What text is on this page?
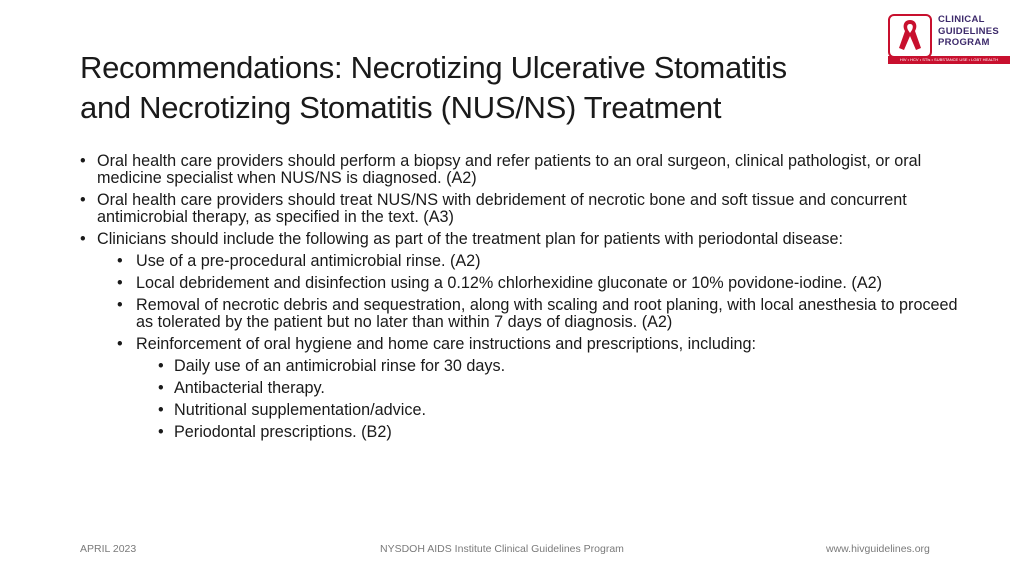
Recommendations: Necrotizing Ulcerative Stomatitis
and Necrotizing Stomatitis (NUS/NS) Treatment
CLINICAL
GUIDELINES
PROGRAM
HIV • HCV • STIs • SUBSTANCE USE • LGBT HEALTH
• Oral health care providers should perform a biopsy and refer patients to an oral surgeon, clinical pathologist, or oral medicine specialist when NUS/NS is diagnosed. (A2)
• Oral health care providers should treat NUS/NS with debridement of necrotic bone and soft tissue and concurrent antimicrobial therapy, as specified in the text. (A3)
• Clinicians should include the following as part of the treatment plan for patients with periodontal disease:
• Use of a pre-procedural antimicrobial rinse. (A2)
• Local debridement and disinfection using a 0.12% chlorhexidine gluconate or 10% povidone-iodine. (A2)
• Removal of necrotic debris and sequestration, along with scaling and root planing, with local anesthesia to proceed as tolerated by the patient but no later than within 7 days of diagnosis. (A2)
• Reinforcement of oral hygiene and home care instructions and prescriptions, including:
• Daily use of an antimicrobial rinse for 30 days.
• Antibacterial therapy.
• Nutritional supplementation/advice.
• Periodontal prescriptions. (B2)
APRIL 2023	NYSDOH AIDS Institute Clinical Guidelines Program	www.hivguidelines.org
